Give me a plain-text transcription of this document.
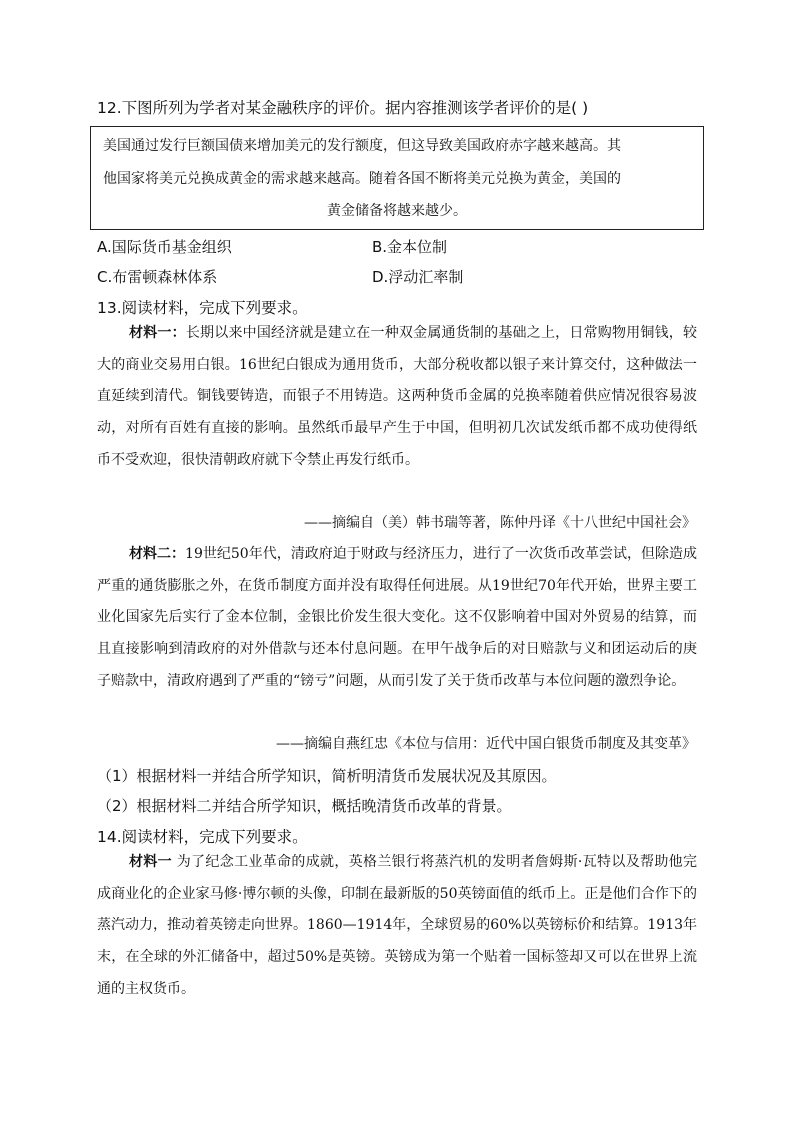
12.下图所列为学者对某金融秩序的评价。据内容推测该学者评价的是( )
美国通过发行巨额国债来增加美元的发行额度，但这导致美国政府赤字越来越高。其
他国家将美元兑换成黄金的需求越来越高。随着各国不断将美元兑换为黄金，美国的
黄金储备将越来越少。
A.国际货币基金组织	B.金本位制
C.布雷顿森林体系	D.浮动汇率制
13.阅读材料，完成下列要求。
材料一：长期以来中国经济就是建立在一种双金属通货制的基础之上，日常购物用铜钱，较大的商业交易用白银。16世纪白银成为通用货币，大部分税收都以银子来计算交付，这种做法一直延续到清代。铜钱要铸造，而银子不用铸造。这两种货币金属的兑换率随着供应情况很容易波动，对所有百姓有直接的影响。虽然纸币最早产生于中国，但明初几次试发纸币都不成功使得纸币不受欢迎，很快清朝政府就下令禁止再发行纸币。
——摘编自（美）韩书瑞等著，陈仲丹译《十八世纪中国社会》
材料二：19世纪50年代，清政府迫于财政与经济压力，进行了一次货币改革尝试，但除造成严重的通货膨胀之外，在货币制度方面并没有取得任何进展。从19世纪70年代开始，世界主要工业化国家先后实行了金本位制，金银比价发生很大变化。这不仅影响着中国对外贸易的结算，而且直接影响到清政府的对外借款与还本付息问题。在甲午战争后的对日赔款与义和团运动后的庚子赔款中，清政府遇到了严重的“镑亏”问题，从而引发了关于货币改革与本位问题的激烈争论。
——摘编自燕红忠《本位与信用：近代中国白银货币制度及其变革》
（1）根据材料一并结合所学知识，简析明清货币发展状况及其原因。
（2）根据材料二并结合所学知识，概括晚清货币改革的背景。
14.阅读材料，完成下列要求。
材料一 为了纪念工业革命的成就，英格兰银行将蒸汽机的发明者詹姆斯·瓦特以及帮助他完成商业化的企业家马修·博尔顿的头像，印制在最新版的50英镑面值的纸币上。正是他们合作下的蒸汽动力，推动着英镑走向世界。1860—1914年，全球贸易的60%以英镑标价和结算。1913年末，在全球的外汇储备中，超过50%是英镑。英镑成为第一个贴着一国标签却又可以在世界上流通的主权货币。
